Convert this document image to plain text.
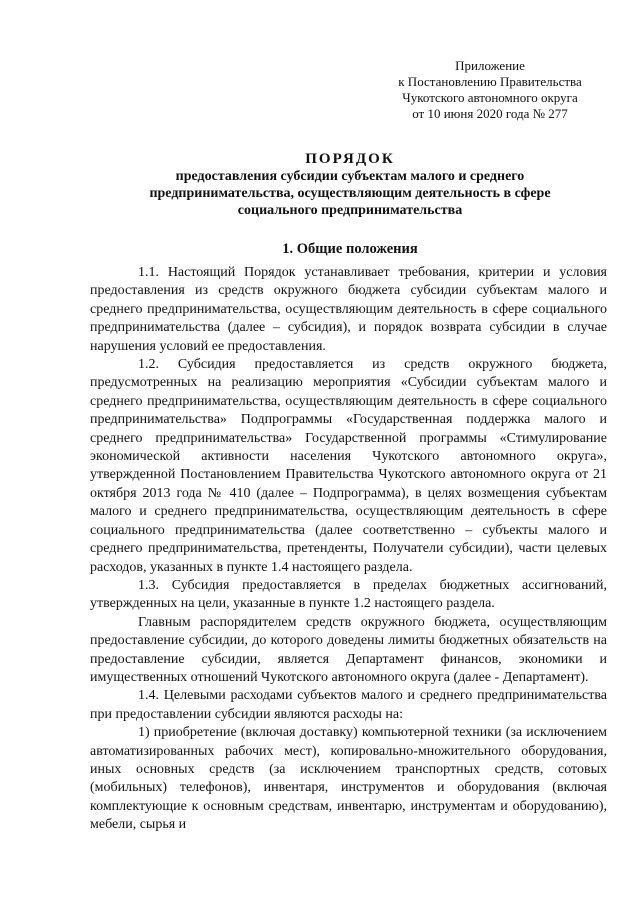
Приложение
к Постановлению Правительства
Чукотского автономного округа
от 10 июня 2020 года № 277
ПОРЯДОК
предоставления субсидии субъектам малого и среднего
предпринимательства, осуществляющим деятельность в сфере
социального предпринимательства
1. Общие положения

1.1. Настоящий Порядок устанавливает требования, критерии и условия предоставления из средств окружного бюджета субсидии субъектам малого и среднего предпринимательства, осуществляющим деятельность в сфере социального предпринимательства (далее – субсидия), и порядок возврата субсидии в случае нарушения условий ее предоставления.

1.2. Субсидия предоставляется из средств окружного бюджета, предусмотренных на реализацию мероприятия «Субсидии субъектам малого и среднего предпринимательства, осуществляющим деятельность в сфере социального предпринимательства» Подпрограммы «Государственная поддержка малого и среднего предпринимательства» Государственной программы «Стимулирование экономической активности населения Чукотского автономного округа», утвержденной Постановлением Правительства Чукотского автономного округа от 21 октября 2013 года № 410 (далее – Подпрограмма), в целях возмещения субъектам малого и среднего предпринимательства, осуществляющим деятельность в сфере социального предпринимательства (далее соответственно – субъекты малого и среднего предпринимательства, претенденты, Получатели субсидии), части целевых расходов, указанных в пункте 1.4 настоящего раздела.

1.3. Субсидия предоставляется в пределах бюджетных ассигнований, утвержденных на цели, указанные в пункте 1.2 настоящего раздела.

Главным распорядителем средств окружного бюджета, осуществляющим предоставление субсидии, до которого доведены лимиты бюджетных обязательств на предоставление субсидии, является Департамент финансов, экономики и имущественных отношений Чукотского автономного округа (далее - Департамент).

1.4. Целевыми расходами субъектов малого и среднего предпринимательства при предоставлении субсидии являются расходы на:

1) приобретение (включая доставку) компьютерной техники (за исключением автоматизированных рабочих мест), копировально-множительного оборудования, иных основных средств (за исключением транспортных средств, сотовых (мобильных) телефонов), инвентаря, инструментов и оборудования (включая комплектующие к основным средствам, инвентарю, инструментам и оборудованию), мебели, сырья и
